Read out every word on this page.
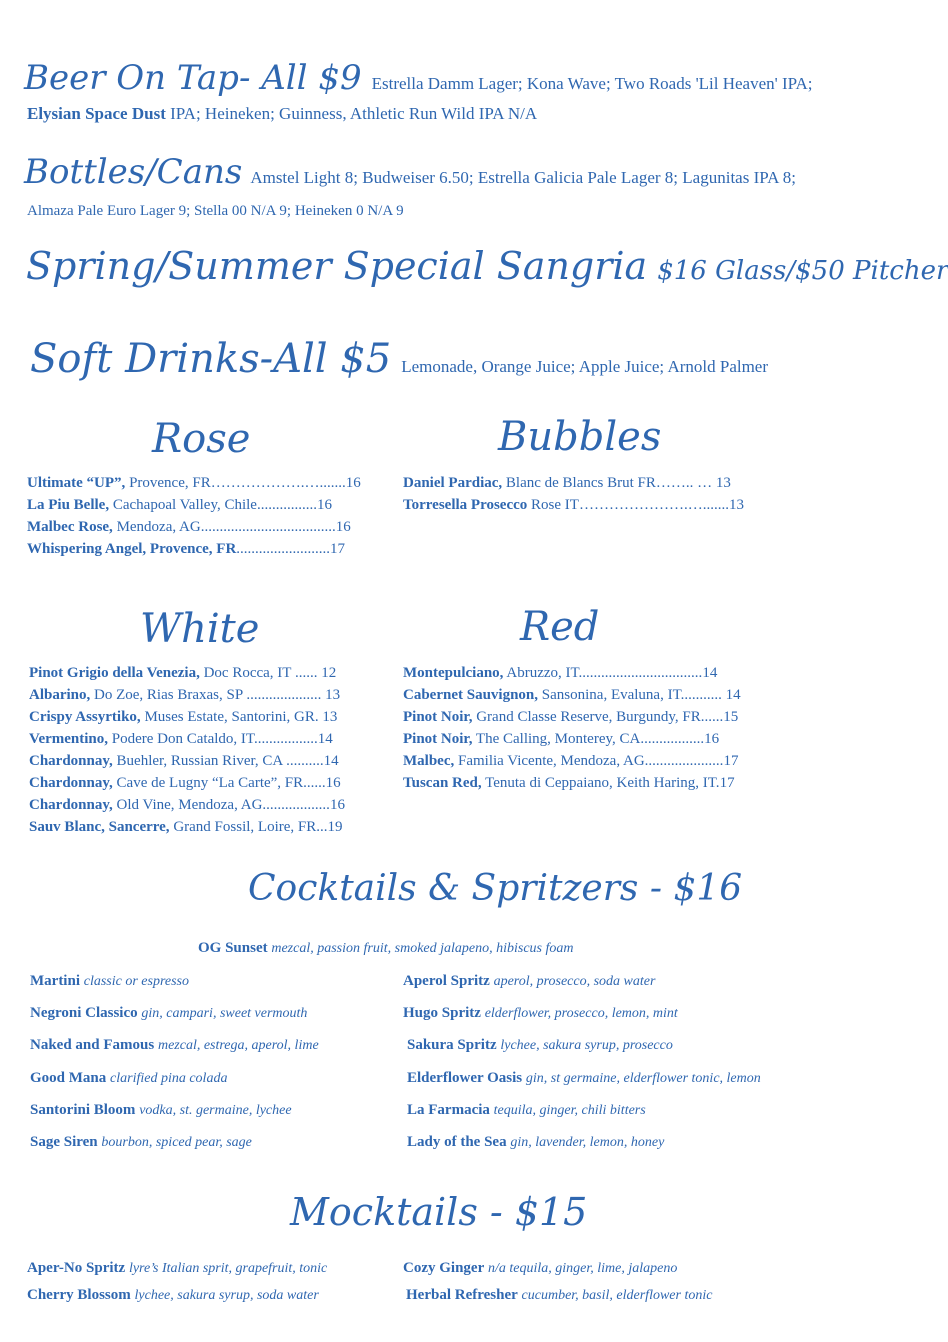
Beer On Tap- All $9 Estrella Damm Lager; Kona Wave; Two Roads 'Lil Heaven' IPA;
Elysian Space Dust IPA; Heineken; Guinness, Athletic Run Wild IPA N/A
Bottles/Cans Amstel Light 8; Budweiser 6.50; Estrella Galicia Pale Lager 8; Lagunitas IPA 8;
Almaza Pale Euro Lager 9; Stella 00 N/A 9; Heineken 0 N/A 9
Spring/Summer Special Sangria $16 Glass/$50 Pitcher
Soft Drinks-All $5 Lemonade, Orange Juice; Apple Juice; Arnold Palmer
Rose
Ultimate “UP”, Provence, FR……………….….......16
La Piu Belle, Cachapoal Valley, Chile................16
Malbec Rose, Mendoza, AG....................................16
Whispering Angel, Provence, FR.........................17
Bubbles
Daniel Pardiac, Blanc de Blancs Brut FR…….. … 13
Torresella Prosecco Rose IT………………….….......13
White
Pinot Grigio della Venezia, Doc Rocca, IT ...... 12
Albarino, Do Zoe, Rias Braxas, SP .................... 13
Crispy Assyrtiko, Muses Estate, Santorini, GR. 13
Vermentino, Podere Don Cataldo, IT.................14
Chardonnay, Buehler, Russian River, CA ..........14
Chardonnay, Cave de Lugny “La Carte”, FR......16
Chardonnay, Old Vine, Mendoza, AG..................16
Sauv Blanc, Sancerre, Grand Fossil, Loire, FR...19
Red
Montepulciano, Abruzzo, IT.................................14
Cabernet Sauvignon, Sansonina, Evaluna, IT........... 14
Pinot Noir, Grand Classe Reserve, Burgundy, FR......15
Pinot Noir, The Calling, Monterey, CA.................16
Malbec, Familia Vicente, Mendoza, AG.....................17
Tuscan Red, Tenuta di Ceppaiano, Keith Haring, IT.17
Cocktails & Spritzers - $16
OG Sunset mezcal, passion fruit, smoked jalapeno, hibiscus foam
Martini classic or espresso
Negroni Classico gin, campari, sweet vermouth
Naked and Famous mezcal, estrega, aperol, lime
Good Mana clarified pina colada
Santorini Bloom vodka, st. germaine, lychee
Sage Siren bourbon, spiced pear, sage
Aperol Spritz aperol, prosecco, soda water
Hugo Spritz elderflower, prosecco, lemon, mint
Sakura Spritz lychee, sakura syrup, prosecco
Elderflower Oasis gin, st germaine, elderflower tonic, lemon
La Farmacia tequila, ginger, chili bitters
Lady of the Sea gin, lavender, lemon, honey
Mocktails - $15
Aper-No Spritz lyre’s Italian sprit, grapefruit, tonic
Cherry Blossom lychee, sakura syrup, soda water
Cozy Ginger n/a tequila, ginger, lime, jalapeno
Herbal Refresher cucumber, basil, elderflower tonic
